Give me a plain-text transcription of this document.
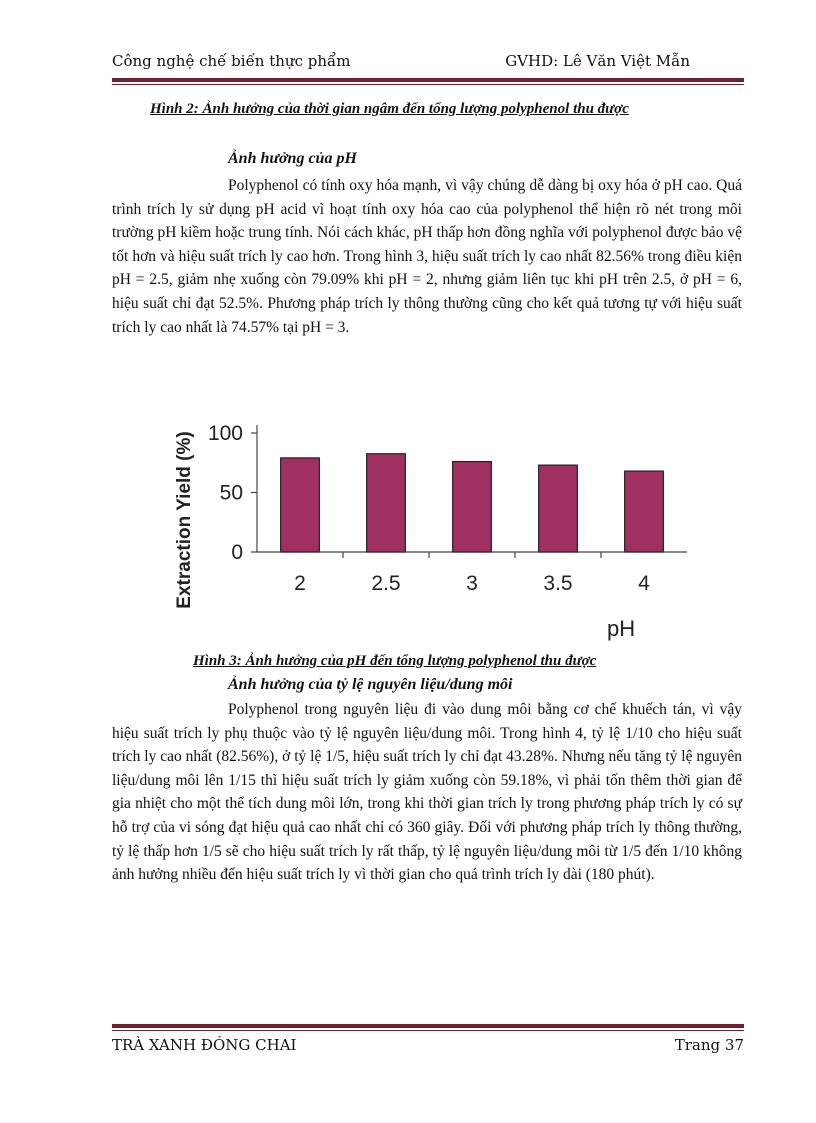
Công nghệ chế biến thực phẩm	GVHD: Lê Văn Việt Mẫn
Hình 2: Ảnh hưởng của thời gian ngâm đến tổng lượng polyphenol thu được
Ảnh hưởng của pH
Polyphenol có tính oxy hóa mạnh, vì vậy chúng dễ dàng bị oxy hóa ở pH cao. Quá trình trích ly sử dụng pH acid vì hoạt tính oxy hóa cao của polyphenol thể hiện rõ nét trong môi trường pH kiềm hoặc trung tính. Nói cách khác, pH thấp hơn đồng nghĩa với polyphenol được bảo vệ tốt hơn và hiệu suất trích ly cao hơn. Trong hình 3, hiệu suất trích ly cao nhất 82.56% trong điều kiện pH = 2.5, giảm nhẹ xuống còn 79.09% khi pH = 2, nhưng giảm liên tục khi pH trên 2.5, ở pH = 6, hiệu suất chỉ đạt 52.5%. Phương pháp trích ly thông thường cũng cho kết quả tương tự với hiệu suất trích ly cao nhất là 74.57% tại pH = 3.
Extraction Yield (%) 0
50
100
2	2.5	3	3.5	4
pH
Hình 3: Ảnh hưởng của pH đến tổng lượng polyphenol thu được
Ảnh hưởng của tỷ lệ nguyên liệu/dung môi
Polyphenol trong nguyên liệu đi vào dung môi bằng cơ chế khuếch tán, vì vậy hiệu suất trích ly phụ thuộc vào tỷ lệ nguyên liệu/dung môi. Trong hình 4, tỷ lệ 1/10 cho hiệu suất trích ly cao nhất (82.56%), ở tỷ lệ 1/5, hiệu suất trích ly chỉ đạt 43.28%. Nhưng nếu tăng tỷ lệ nguyên liệu/dung môi lên 1/15 thì hiệu suất trích ly giảm xuống còn 59.18%, vì phải tốn thêm thời gian để gia nhiệt cho một thể tích dung môi lớn, trong khi thời gian trích ly trong phương pháp trích ly có sự hỗ trợ của vi sóng đạt hiệu quả cao nhất chỉ có 360 giây. Đối với phương pháp trích ly thông thường, tỷ lệ thấp hơn 1/5 sẽ cho hiệu suất trích ly rất thấp, tỷ lệ nguyên liệu/dung môi từ 1/5 đến 1/10 không ảnh hưởng nhiều đến hiệu suất trích ly vì thời gian cho quá trình trích ly dài (180 phút).
TRÀ XANH ĐÓNG CHAI	Trang 37
